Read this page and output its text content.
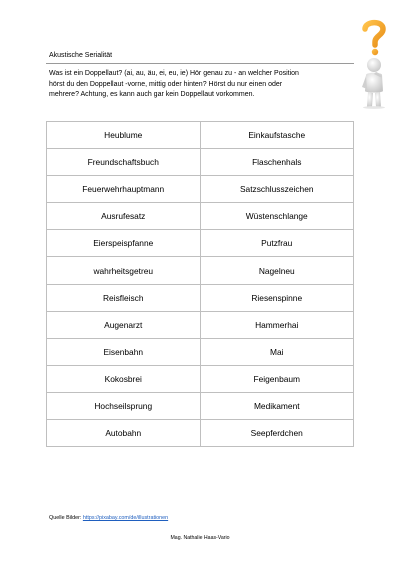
Akustische Serialität

Was ist ein Doppellaut? (ai, au, äu, ei, eu, ie) Hör genau zu - an welcher Position

hörst du den Doppellaut -vorne, mittig oder hinten? Hörst du nur einen oder

mehrere? Achtung, es kann auch gar kein Doppellaut vorkommen.

Heublume	Einkaufstasche
Freundschaftsbuch	Flaschenhals
Feuerwehrhauptmann	Satzschlusszeichen
Ausrufesatz	Wüstenschlange
Eierspeispfanne	Putzfrau
wahrheitsgetreu	Nagelneu
Reisfleisch	Riesenspinne
Augenarzt	Hammerhai
Eisenbahn	Mai
Kokosbrei	Feigenbaum
Hochseilsprung	Medikament
Autobahn	Seepferdchen
Quelle Bilder: https://pixabay.com/de/illustrationen
Mag. Nathalie Haas-Vario
